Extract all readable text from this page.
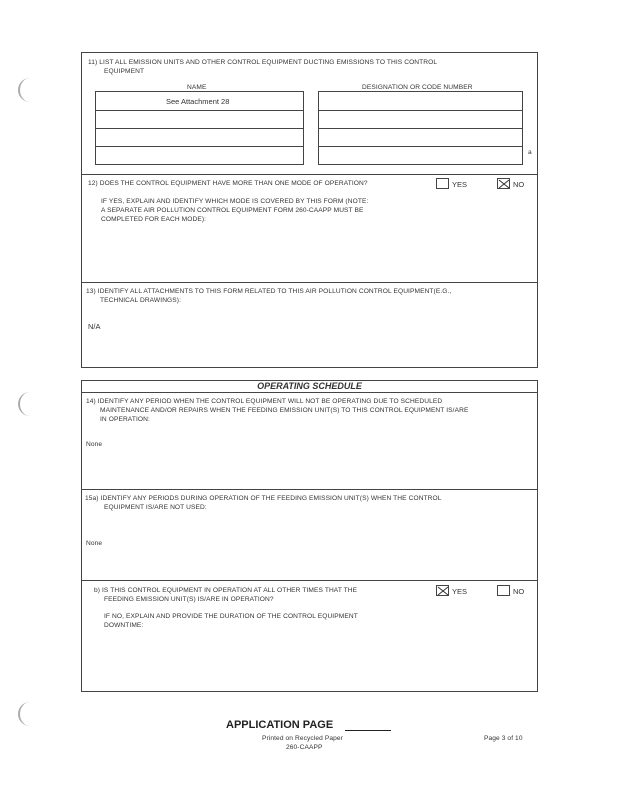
11) LIST ALL EMISSION UNITS AND OTHER CONTROL EQUIPMENT DUCTING EMISSIONS TO THIS CONTROL
EQUIPMENT
NAME	DESIGNATION OR CODE NUMBER
See Attachment 28
a
12) DOES THE CONTROL EQUIPMENT HAVE MORE THAN ONE MODE OF OPERATION?	YES	NO
IF YES, EXPLAIN AND IDENTIFY WHICH MODE IS COVERED BY THIS FORM (NOTE:
A SEPARATE AIR POLLUTION CONTROL EQUIPMENT FORM 260-CAAPP MUST BE
COMPLETED FOR EACH MODE):
13) IDENTIFY ALL ATTACHMENTS TO THIS FORM RELATED TO THIS AIR POLLUTION CONTROL EQUIPMENT(E.G.,
TECHNICAL DRAWINGS):
N/A
OPERATING SCHEDULE
14) IDENTIFY ANY PERIOD WHEN THE CONTROL EQUIPMENT WILL NOT BE OPERATING DUE TO SCHEDULED
MAINTENANCE AND/OR REPAIRS WHEN THE FEEDING EMISSION UNIT(S) TO THIS CONTROL EQUIPMENT IS/ARE
IN OPERATION:
None
15a) IDENTIFY ANY PERIODS DURING OPERATION OF THE FEEDING EMISSION UNIT(S) WHEN THE CONTROL
EQUIPMENT IS/ARE NOT USED:
None
b) IS THIS CONTROL EQUIPMENT IN OPERATION AT ALL OTHER TIMES THAT THE
FEEDING EMISSION UNIT(S) IS/ARE IN OPERATION?
YES	NO
IF NO, EXPLAIN AND PROVIDE THE DURATION OF THE CONTROL EQUIPMENT
DOWNTIME:
APPLICATION PAGE
Printed on Recycled Paper
260-CAAPP
Page 3 of 10
